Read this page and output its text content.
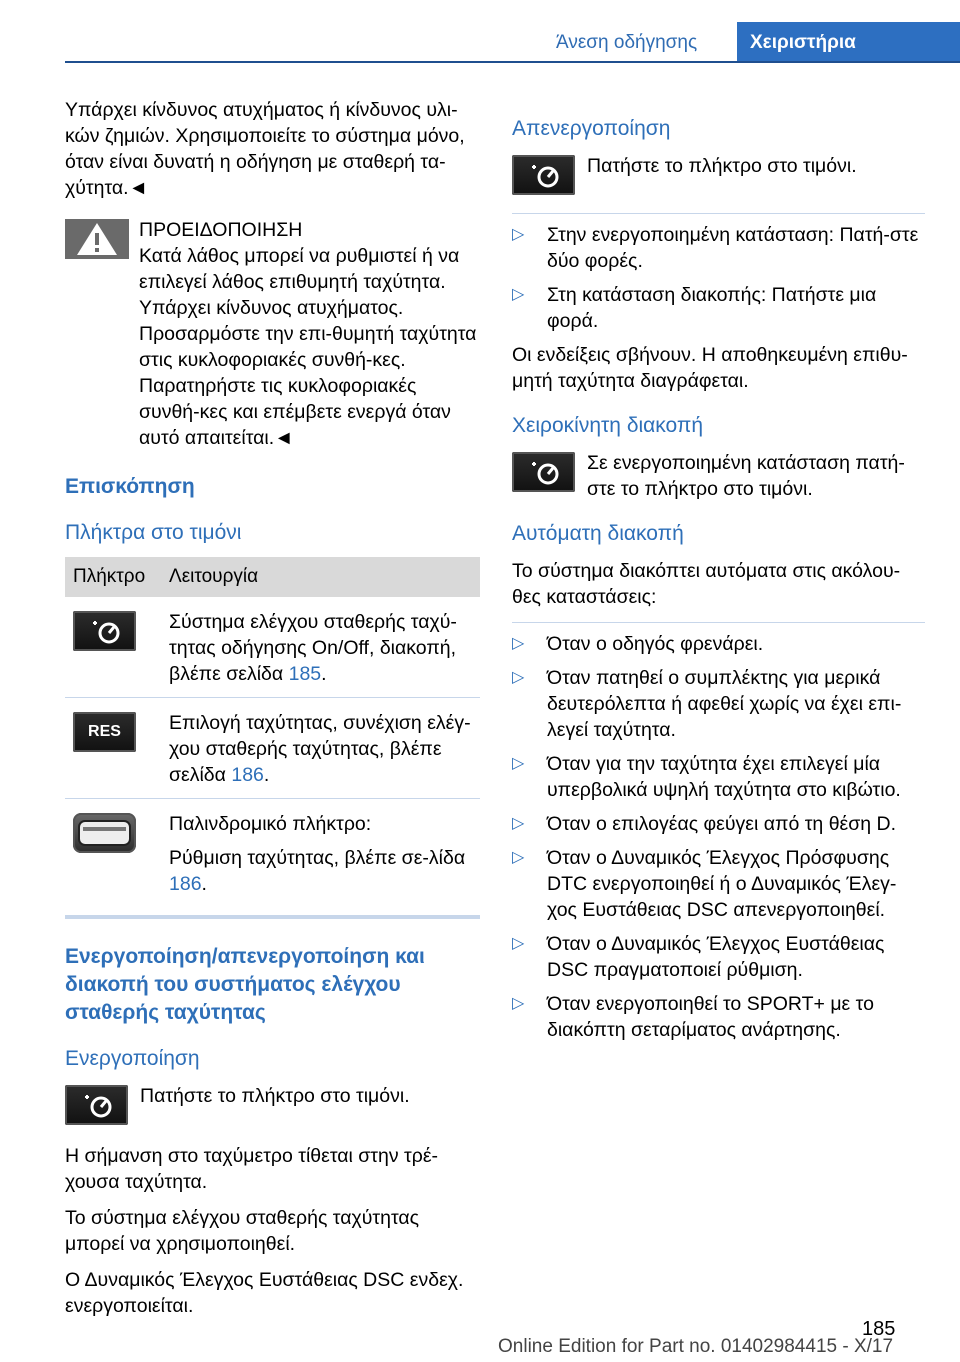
Άνεση οδήγησης	Χειριστήρια

Υπάρχει κίνδυνος ατυχήματος ή κίνδυνος υλι-κών ζημιών. Χρησιμοποιείτε το σύστημα μόνο, όταν είναι δυνατή η οδήγηση με σταθερή τα-χύτητα.◄

ΠΡΟΕΙΔΟΠΟΙΗΣΗ
Κατά λάθος μπορεί να ρυθμιστεί ή να επιλεγεί λάθος επιθυμητή ταχύτητα. Υπάρχει κίνδυνος ατυχήματος. Προσαρμόστε την επι-θυμητή ταχύτητα στις κυκλοφοριακές συνθή-κες. Παρατηρήστε τις κυκλοφοριακές συνθή-κες και επέμβετε ενεργά όταν αυτό απαιτείται.◄
Επισκόπηση
Πλήκτρα στο τιμόνι
Πλήκτρο	Λειτουργία

	Σύστημα ελέγχου σταθερής ταχύ-τητας οδήγησης On/Off, διακοπή, βλέπε σελίδα 185.

RES	Επιλογή ταχύτητας, συνέχιση ελέγ-χου σταθερής ταχύτητας, βλέπε σελίδα 186.

Παλινδρομικό πλήκτρο:

Ρύθμιση ταχύτητας, βλέπε σε-λίδα 186.
Ενεργοποίηση/απενεργοποίηση και διακοπή του συστήματος ελέγχου σταθερής ταχύτητας
Ενεργοποίηση
Πατήστε το πλήκτρο στο τιμόνι.

Η σήμανση στο ταχύμετρο τίθεται στην τρέ-χουσα ταχύτητα.

Το σύστημα ελέγχου σταθερής ταχύτητας μπορεί να χρησιμοποιηθεί.

Ο Δυναμικός Έλεγχος Ευστάθειας DSC ενδεχ. ενεργοποιείται.

Απενεργοποίηση
Πατήστε το πλήκτρο στο τιμόνι.
▷ Στην ενεργοποιημένη κατάσταση: Πατή-στε δύο φορές.
▷ Στη κατάσταση διακοπής: Πατήστε μια φορά.

Οι ενδείξεις σβήνουν. Η αποθηκευμένη επιθυ-μητή ταχύτητα διαγράφεται.

Χειροκίνητη διακοπή
Σε ενεργοποιημένη κατάσταση πατή-στε το πλήκτρο στο τιμόνι.
Αυτόματη διακοπή

Το σύστημα διακόπτει αυτόματα στις ακόλου-θες καταστάσεις:

▷ Όταν ο οδηγός φρενάρει.
▷ Όταν πατηθεί ο συμπλέκτης για μερικά δευτερόλεπτα ή αφεθεί χωρίς να έχει επι-λεγεί ταχύτητα.
▷ Όταν για την ταχύτητα έχει επιλεγεί μία υπερβολικά υψηλή ταχύτητα στο κιβώτιο.
▷ Όταν ο επιλογέας φεύγει από τη θέση D.
▷ Όταν ο Δυναμικός Έλεγχος Πρόσφυσης DTC ενεργοποιηθεί ή ο Δυναμικός Έλεγ-χος Ευστάθειας DSC απενεργοποιηθεί.
▷ Όταν ο Δυναμικός Έλεγχος Ευστάθειας DSC πραγματοποιεί ρύθμιση.
▷ Όταν ενεργοποιηθεί το SPORT+ με το διακόπτη σεταρίματος ανάρτησης.
185
Online Edition for Part no. 01402984415 - X/17
